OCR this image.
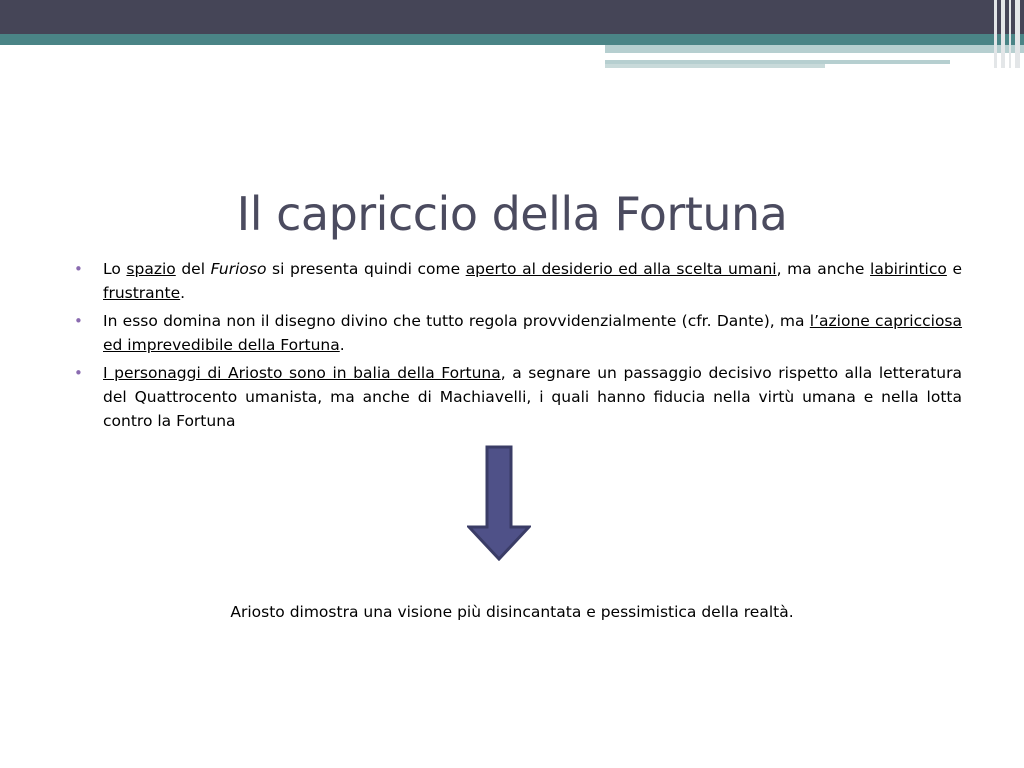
Il capriccio della Fortuna
• Lo spazio del Furioso si presenta quindi come aperto al desiderio ed alla scelta umani, ma anche labirintico e frustrante.
• In esso domina non il disegno divino che tutto regola provvidenzialmente (cfr. Dante), ma l’azione capricciosa ed imprevedibile della Fortuna.
• I personaggi di Ariosto sono in balia della Fortuna, a segnare un passaggio decisivo rispetto alla letteratura del Quattrocento umanista, ma anche di Machiavelli, i quali hanno fiducia nella virtù umana e nella lotta contro la Fortuna
Ariosto dimostra una visione più disincantata e pessimistica della realtà.
